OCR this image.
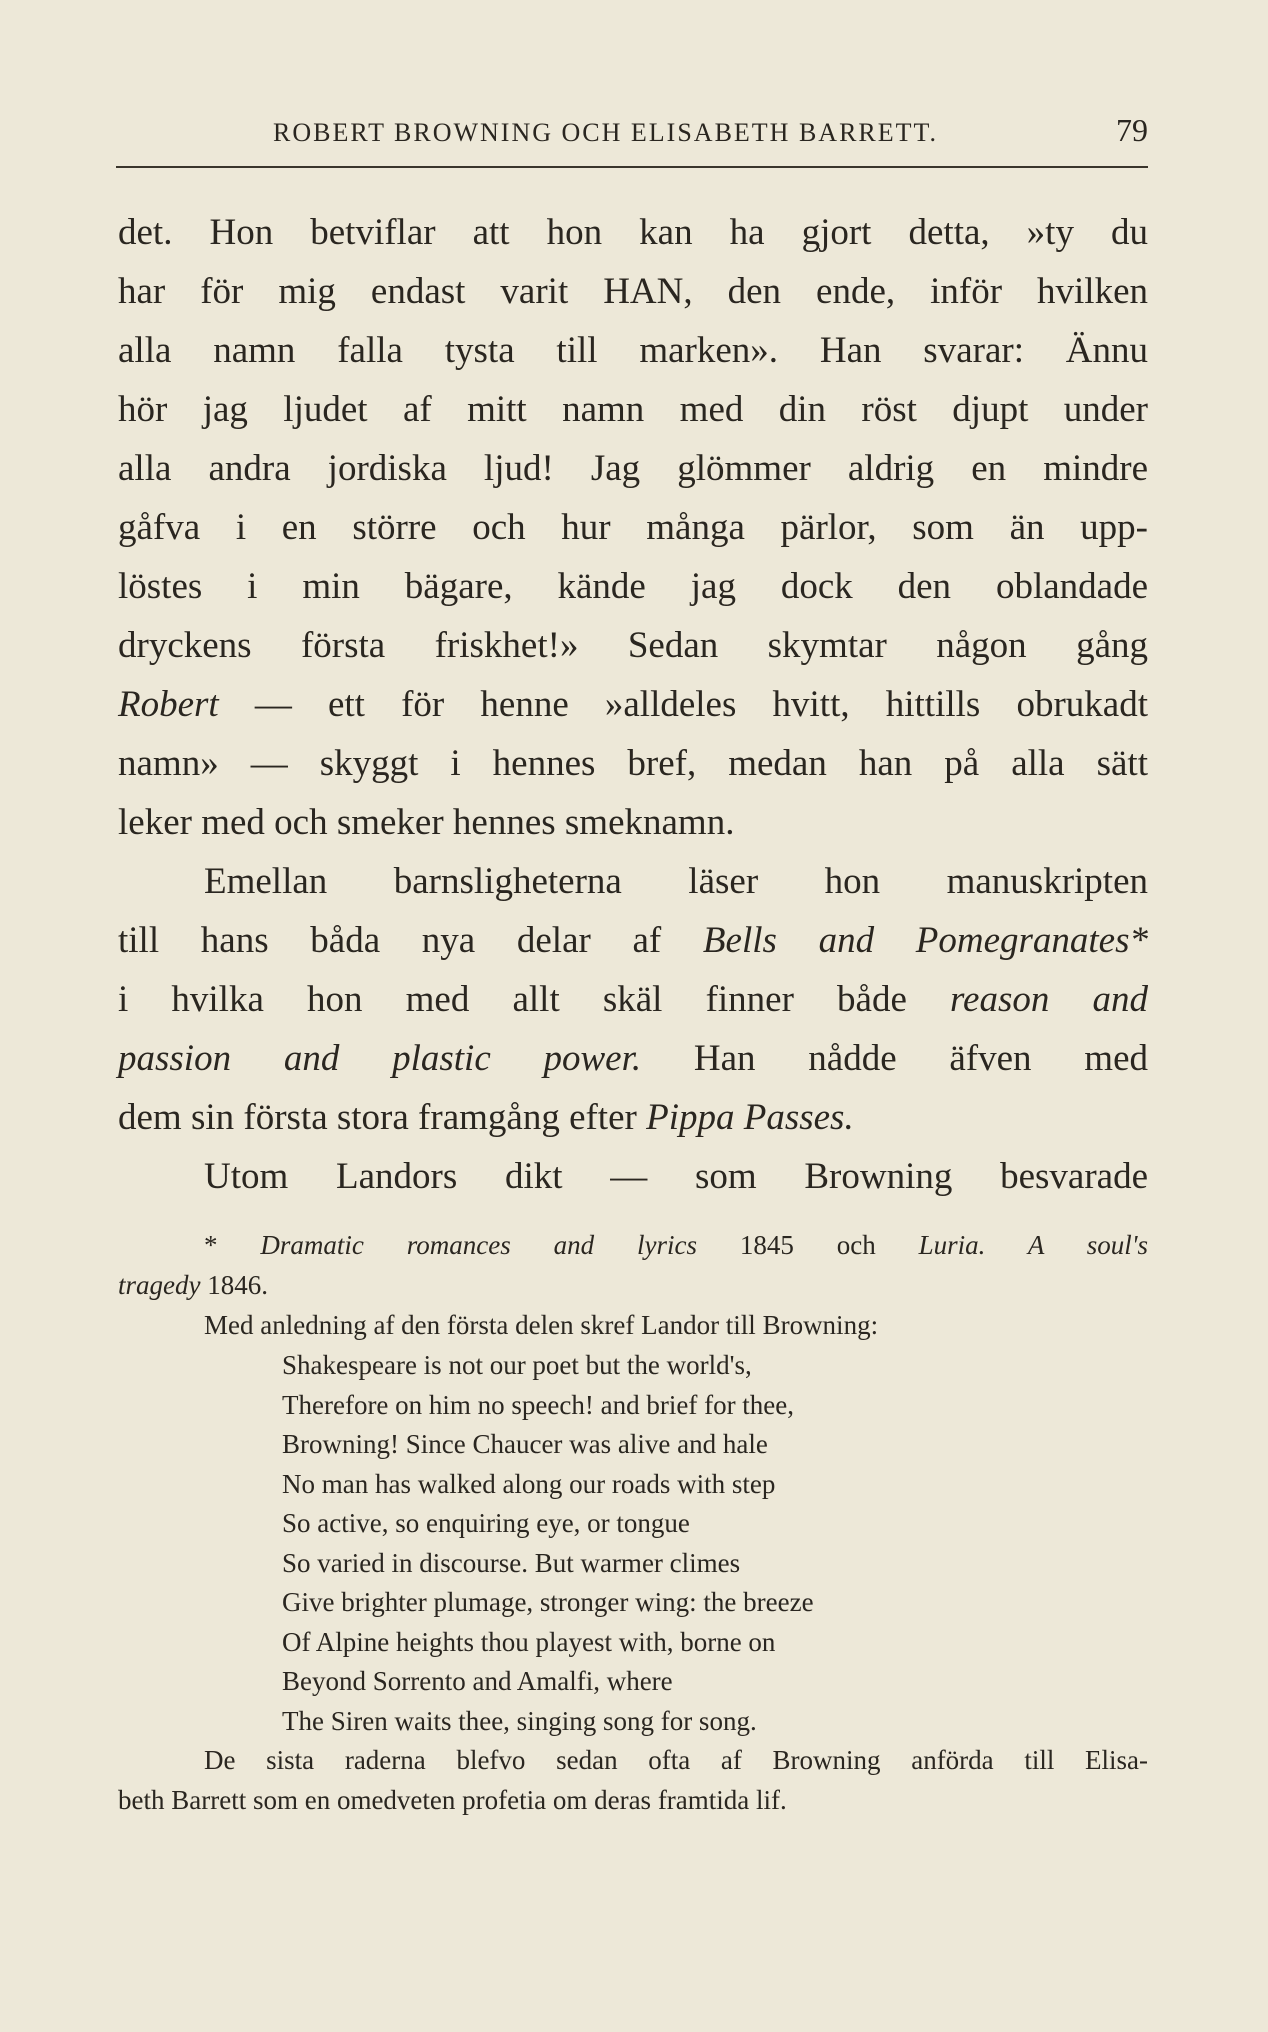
ROBERT BROWNING OCH ELISABETH BARRETT.	79
det. Hon betviflar att hon kan ha gjort detta, »ty du
har för mig endast varit HAN, den ende, inför hvilken
alla namn falla tysta till marken». Han svarar: Ännu
hör jag ljudet af mitt namn med din röst djupt under
alla andra jordiska ljud! Jag glömmer aldrig en mindre
gåfva i en större och hur många pärlor, som än upp-
löstes i min bägare, kände jag dock den oblandade
dryckens första friskhet!» Sedan skymtar någon gång
Robert — ett för henne »alldeles hvitt, hittills obrukadt
namn» — skyggt i hennes bref, medan han på alla sätt
leker med och smeker hennes smeknamn.
Emellan barnsligheterna läser hon manuskripten
till hans båda nya delar af Bells and Pomegranates*
i hvilka hon med allt skäl finner både reason and
passion and plastic power. Han nådde äfven med
dem sin första stora framgång efter Pippa Passes.
Utom Landors dikt — som Browning besvarade
* Dramatic romances and lyrics 1845 och Luria. A soul's
tragedy 1846.
Med anledning af den första delen skref Landor till Browning:
Shakespeare is not our poet but the world's,
Therefore on him no speech! and brief for thee,
Browning! Since Chaucer was alive and hale
No man has walked along our roads with step
So active, so enquiring eye, or tongue
So varied in discourse. But warmer climes
Give brighter plumage, stronger wing: the breeze
Of Alpine heights thou playest with, borne on
Beyond Sorrento and Amalfi, where
The Siren waits thee, singing song for song.
De sista raderna blefvo sedan ofta af Browning anförda till Elisa-
beth Barrett som en omedveten profetia om deras framtida lif.
